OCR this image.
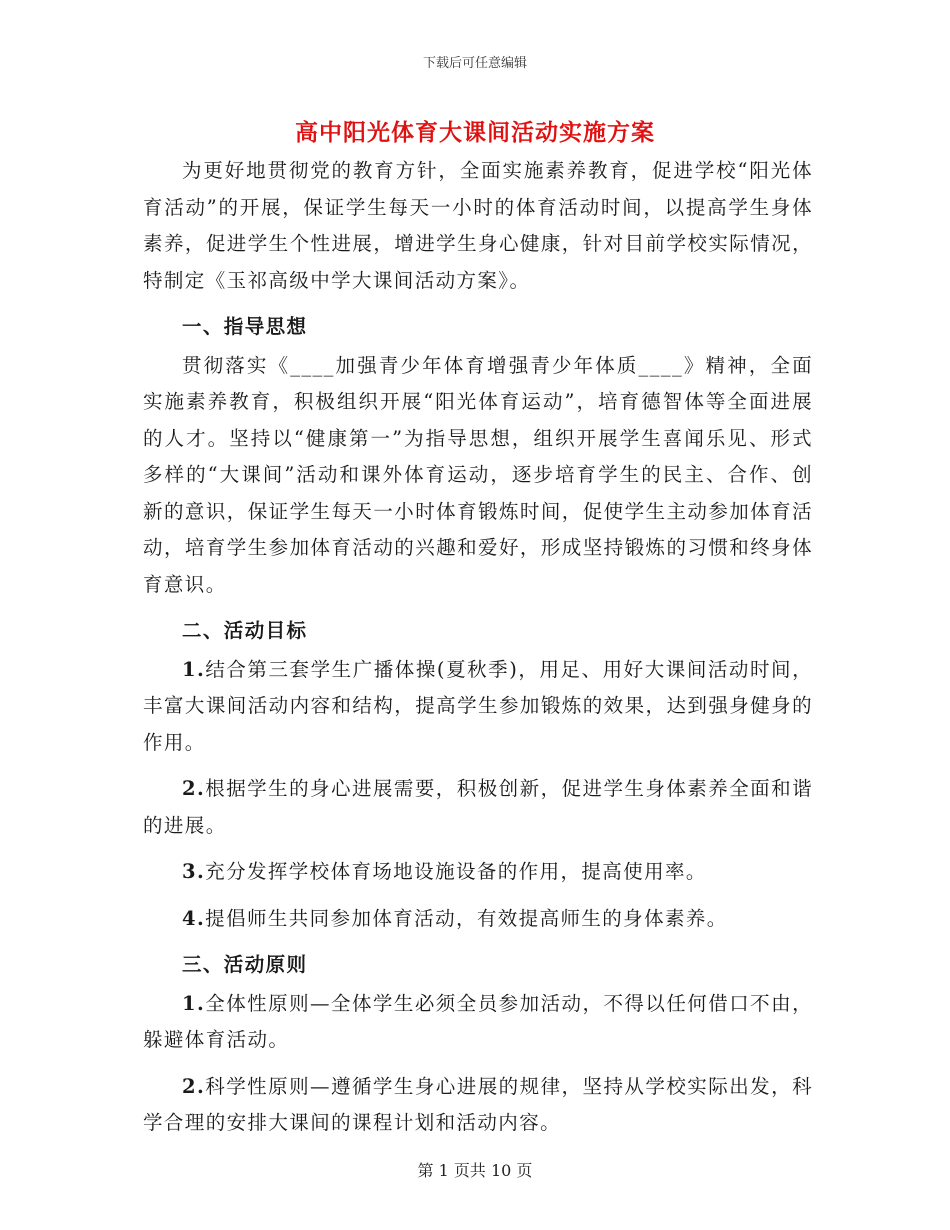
下载后可任意编辑
高中阳光体育大课间活动实施方案

为更好地贯彻党的教育方针，全面实施素养教育，促进学校“阳光体育活动”的开展，保证学生每天一小时的体育活动时间，以提高学生身体素养，促进学生个性进展，增进学生身心健康，针对目前学校实际情况，特制定《玉祁高级中学大课间活动方案》。

一、指导思想

贯彻落实《____加强青少年体育增强青少年体质____》精神，全面实施素养教育，积极组织开展“阳光体育运动”，培育德智体等全面进展的人才。坚持以“健康第一”为指导思想，组织开展学生喜闻乐见、形式多样的“大课间”活动和课外体育运动，逐步培育学生的民主、合作、创新的意识，保证学生每天一小时体育锻炼时间，促使学生主动参加体育活动，培育学生参加体育活动的兴趣和爱好，形成坚持锻炼的习惯和终身体育意识。

二、活动目标

1.结合第三套学生广播体操(夏秋季)，用足、用好大课间活动时间，丰富大课间活动内容和结构，提高学生参加锻炼的效果，达到强身健身的作用。

2.根据学生的身心进展需要，积极创新，促进学生身体素养全面和谐的进展。

3.充分发挥学校体育场地设施设备的作用，提高使用率。

4.提倡师生共同参加体育活动，有效提高师生的身体素养。

三、活动原则

1.全体性原则—全体学生必须全员参加活动，不得以任何借口不由，躲避体育活动。

2.科学性原则—遵循学生身心进展的规律，坚持从学校实际出发，科学合理的安排大课间的课程计划和活动内容。

第 1 页共 10 页
